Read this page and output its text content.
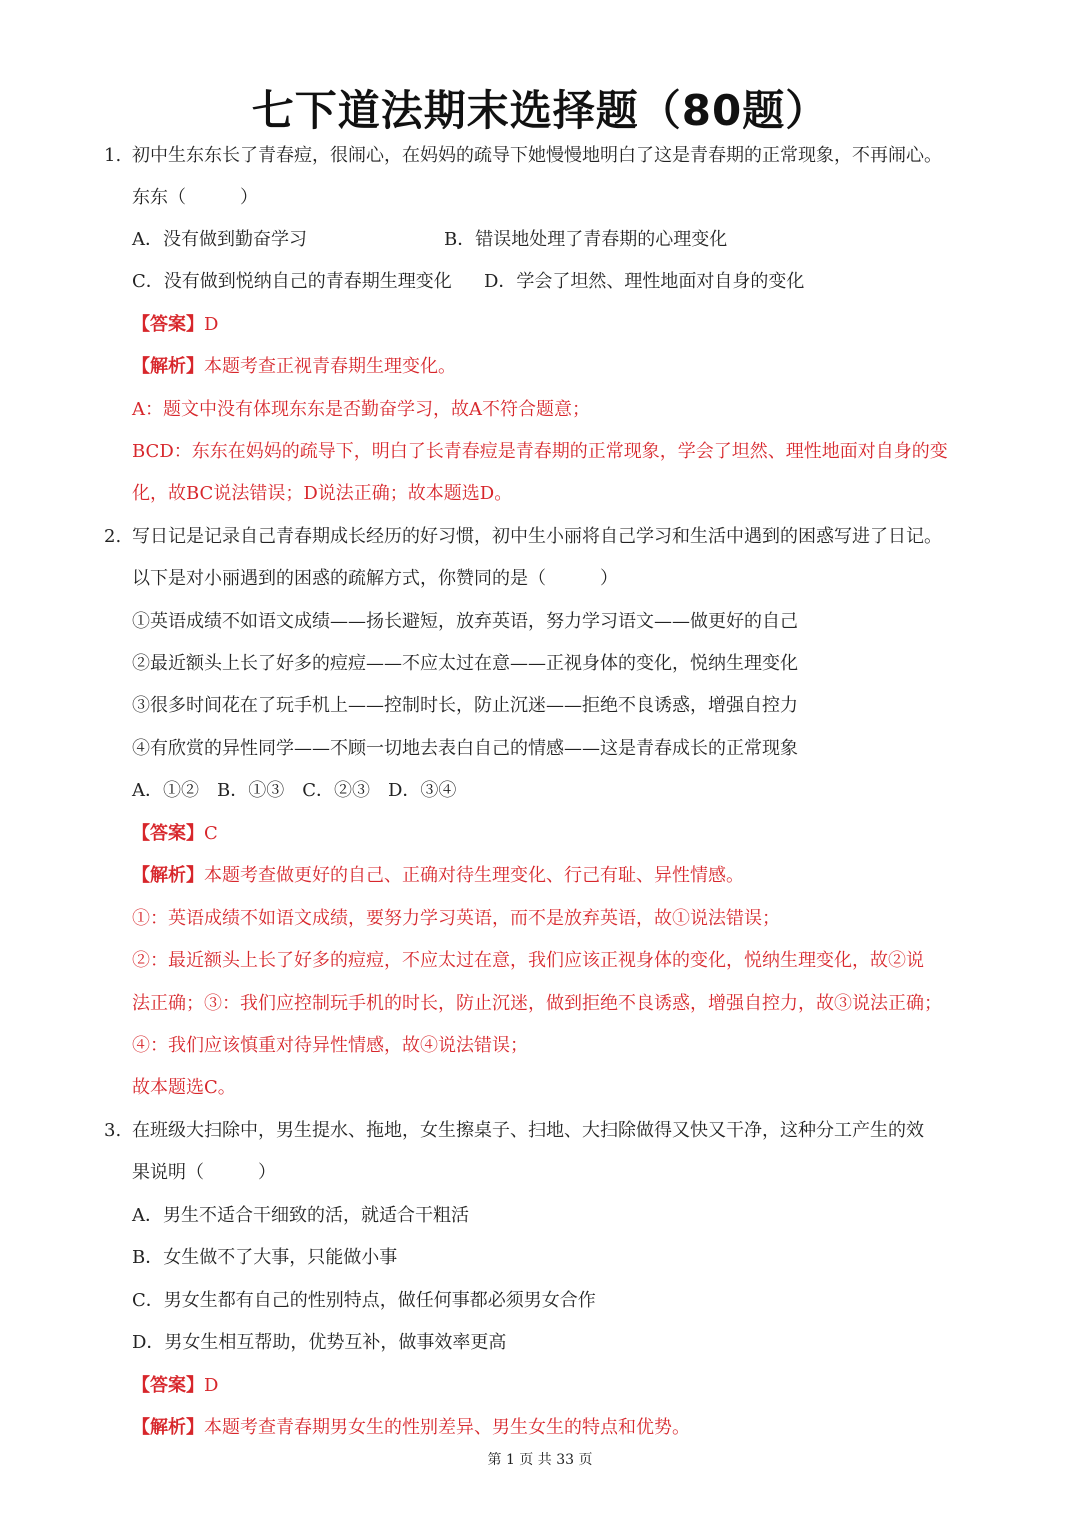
七下道法期末选择题（80题）
1. 初中生东东长了青春痘，很闹心，在妈妈的疏导下她慢慢地明白了这是青春期的正常现象，不再闹心。
东东（　　　）
A．没有做到勤奋学习	B．错误地处理了青春期的心理变化
C．没有做到悦纳自己的青春期生理变化 D．学会了坦然、理性地面对自身的变化
【答案】D
【解析】本题考查正视青春期生理变化。
A：题文中没有体现东东是否勤奋学习，故A不符合题意；
BCD：东东在妈妈的疏导下，明白了长青春痘是青春期的正常现象，学会了坦然、理性地面对自身的变
化，故BC说法错误；D说法正确；故本题选D。
2. 写日记是记录自己青春期成长经历的好习惯，初中生小丽将自己学习和生活中遇到的困惑写进了日记。
以下是对小丽遇到的困惑的疏解方式，你赞同的是（　　　）
①英语成绩不如语文成绩——扬长避短，放弃英语，努力学习语文——做更好的自己
②最近额头上长了好多的痘痘——不应太过在意——正视身体的变化，悦纳生理变化
③很多时间花在了玩手机上——控制时长，防止沉迷——拒绝不良诱惑，增强自控力
④有欣赏的异性同学——不顾一切地去表白自己的情感——这是青春成长的正常现象
A．①②　B．①③　C．②③　D．③④
【答案】C
【解析】本题考查做更好的自己、正确对待生理变化、行己有耻、异性情感。
①：英语成绩不如语文成绩，要努力学习英语，而不是放弃英语，故①说法错误；
②：最近额头上长了好多的痘痘，不应太过在意，我们应该正视身体的变化，悦纳生理变化，故②说
法正确；③：我们应控制玩手机的时长，防止沉迷，做到拒绝不良诱惑，增强自控力，故③说法正确；
④：我们应该慎重对待异性情感，故④说法错误；
故本题选C。
3. 在班级大扫除中，男生提水、拖地，女生擦桌子、扫地、大扫除做得又快又干净，这种分工产生的效
果说明（　　　）
A．男生不适合干细致的活，就适合干粗活
B．女生做不了大事，只能做小事
C．男女生都有自己的性别特点，做任何事都必须男女合作
D．男女生相互帮助，优势互补，做事效率更高
【答案】D
【解析】本题考查青春期男女生的性别差异、男生女生的特点和优势。
第 1 页 共 33 页
